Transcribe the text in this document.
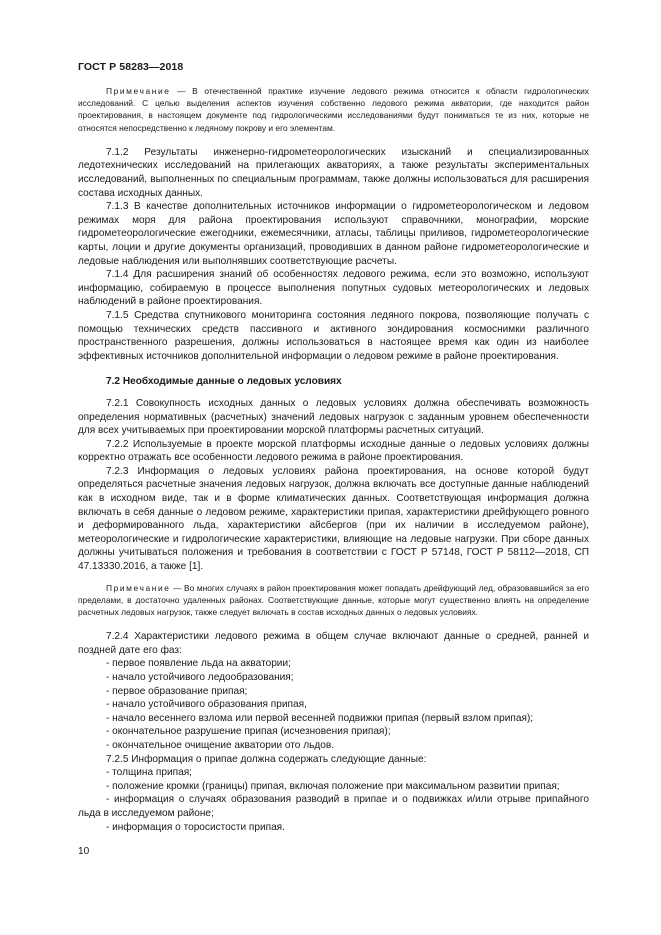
ГОСТ Р 58283—2018

Примечание — В отечественной практике изучение ледового режима относится к области гидрологических исследований. С целью выделения аспектов изучения собственно ледового режима акватории, где находится район проектирования, в настоящем документе под гидрологическими исследованиями будут пониматься те из них, которые не относятся непосредственно к ледяному покрову и его элементам.

7.1.2 Результаты инженерно-гидрометеорологических изысканий и специализированных ледотехнических исследований на прилегающих акваториях, а также результаты экспериментальных исследований, выполненных по специальным программам, также должны использоваться для расширения состава исходных данных.

7.1.3 В качестве дополнительных источников информации о гидрометеорологическом и ледовом режимах моря для района проектирования используют справочники, монографии, морские гидрометеорологические ежегодники, ежемесячники, атласы, таблицы приливов, гидрометеорологические карты, лоции и другие документы организаций, проводивших в данном районе гидрометеорологические и ледовые наблюдения или выполнявших соответствующие расчеты.

7.1.4 Для расширения знаний об особенностях ледового режима, если это возможно, используют информацию, собираемую в процессе выполнения попутных судовых метеорологических и ледовых наблюдений в районе проектирования.

7.1.5 Средства спутникового мониторинга состояния ледяного покрова, позволяющие получать с помощью технических средств пассивного и активного зондирования космоснимки различного пространственного разрешения, должны использоваться в настоящее время как один из наиболее эффективных источников дополнительной информации о ледовом режиме в районе проектирования.

7.2 Необходимые данные о ледовых условиях

7.2.1 Совокупность исходных данных о ледовых условиях должна обеспечивать возможность определения нормативных (расчетных) значений ледовых нагрузок с заданным уровнем обеспеченности для всех учитываемых при проектировании морской платформы расчетных ситуаций.

7.2.2 Используемые в проекте морской платформы исходные данные о ледовых условиях должны корректно отражать все особенности ледового режима в районе проектирования.

7.2.3 Информация о ледовых условиях района проектирования, на основе которой будут определяться расчетные значения ледовых нагрузок, должна включать все доступные данные наблюдений как в исходном виде, так и в форме климатических данных. Соответствующая информация должна включать в себя данные о ледовом режиме, характеристики припая, характеристики дрейфующего ровного и деформированного льда, характеристики айсбергов (при их наличии в исследуемом районе), метеорологические и гидрологические характеристики, влияющие на ледовые нагрузки. При сборе данных должны учитываться положения и требования в соответствии с ГОСТ Р 57148, ГОСТ Р 58112—2018, СП 47.13330.2016, а также [1].

Примечание — Во многих случаях в район проектирования может попадать дрейфующий лед, образовавшийся за его пределами, в достаточно удаленных районах. Соответствующие данные, которые могут существенно влиять на определение расчетных ледовых нагрузок, также следует включать в состав исходных данных о ледовых условиях.

7.2.4 Характеристики ледового режима в общем случае включают данные о средней, ранней и поздней дате его фаз:

- первое появление льда на акватории;

- начало устойчивого ледообразования;

- первое образование припая;

- начало устойчивого образования припая,

- начало весеннего взлома или первой весенней подвижки припая (первый взлом припая);

- окончательное разрушение припая (исчезновения припая);

- окончательное очищение акватории ото льдов.

7.2.5 Информация о припае должна содержать следующие данные:

- толщина припая;

- положение кромки (границы) припая, включая положение при максимальном развитии припая;

- информация о случаях образования разводий в припае и о подвижках и/или отрыве припайного льда в исследуемом районе;

- информация о торосистости припая.

10
